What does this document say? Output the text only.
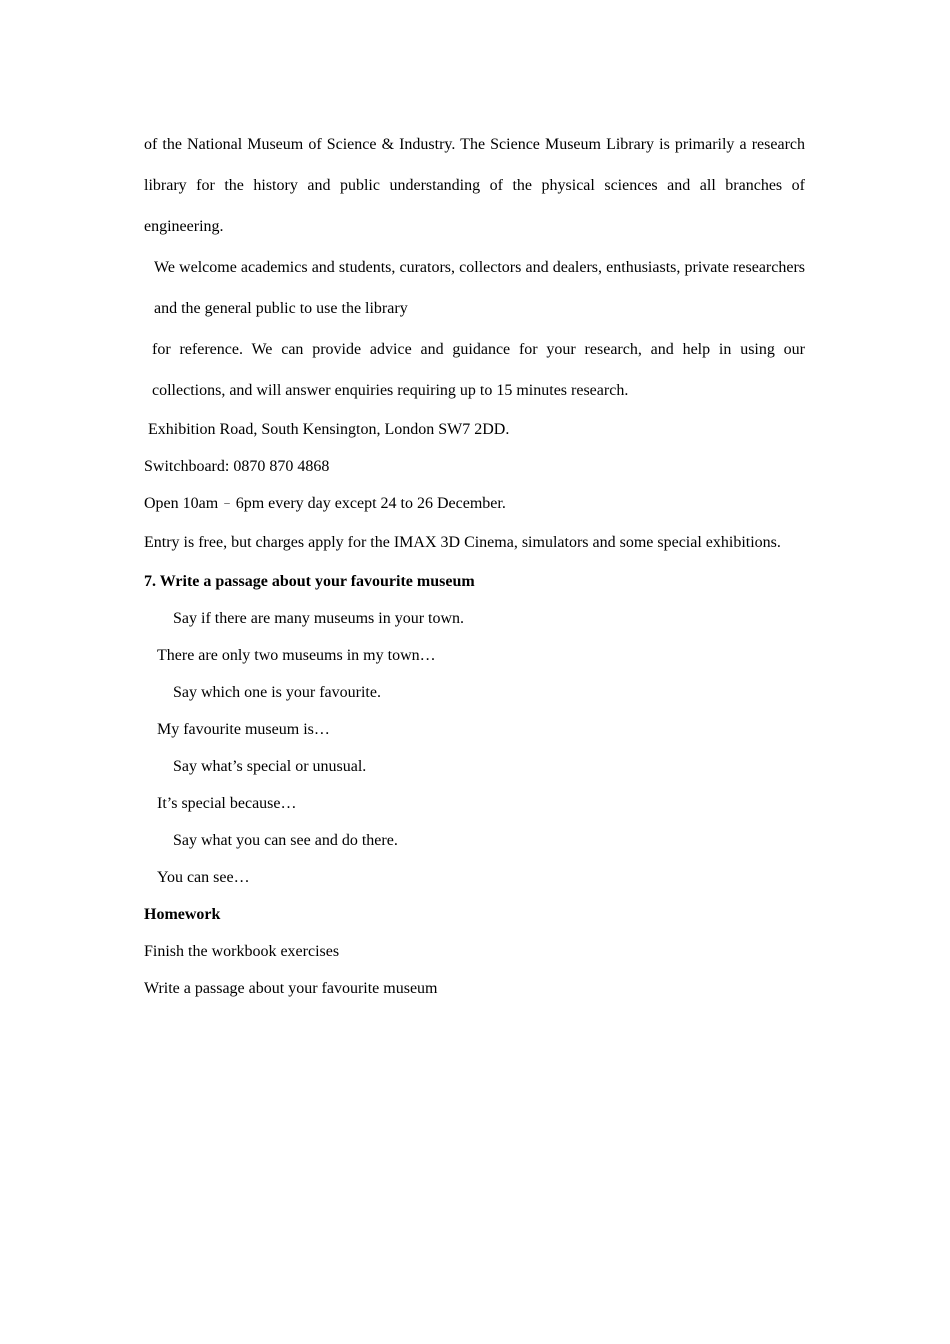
of the National Museum of Science & Industry. The Science Museum Library is primarily a research library for the history and public understanding of the physical sciences and all branches of engineering.

We welcome academics and students, curators, collectors and dealers, enthusiasts, private researchers and the general public to use the library

for reference. We can provide advice and guidance for your research, and help in using our collections, and will answer enquiries requiring up to 15 minutes research.

Exhibition Road, South Kensington, London SW7 2DD.

Switchboard: 0870 870 4868

Open 10am – 6pm every day except 24 to 26 December.

Entry is free, but charges apply for the IMAX 3D Cinema, simulators and some special exhibitions.

7. Write a passage about your favourite museum

Say if there are many museums in your town.

There are only two museums in my town…

Say which one is your favourite.

My favourite museum is…

Say what’s special or unusual.

It’s special because…

Say what you can see and do there.

You can see…

Homework

Finish the workbook exercises

Write a passage about your favourite museum
